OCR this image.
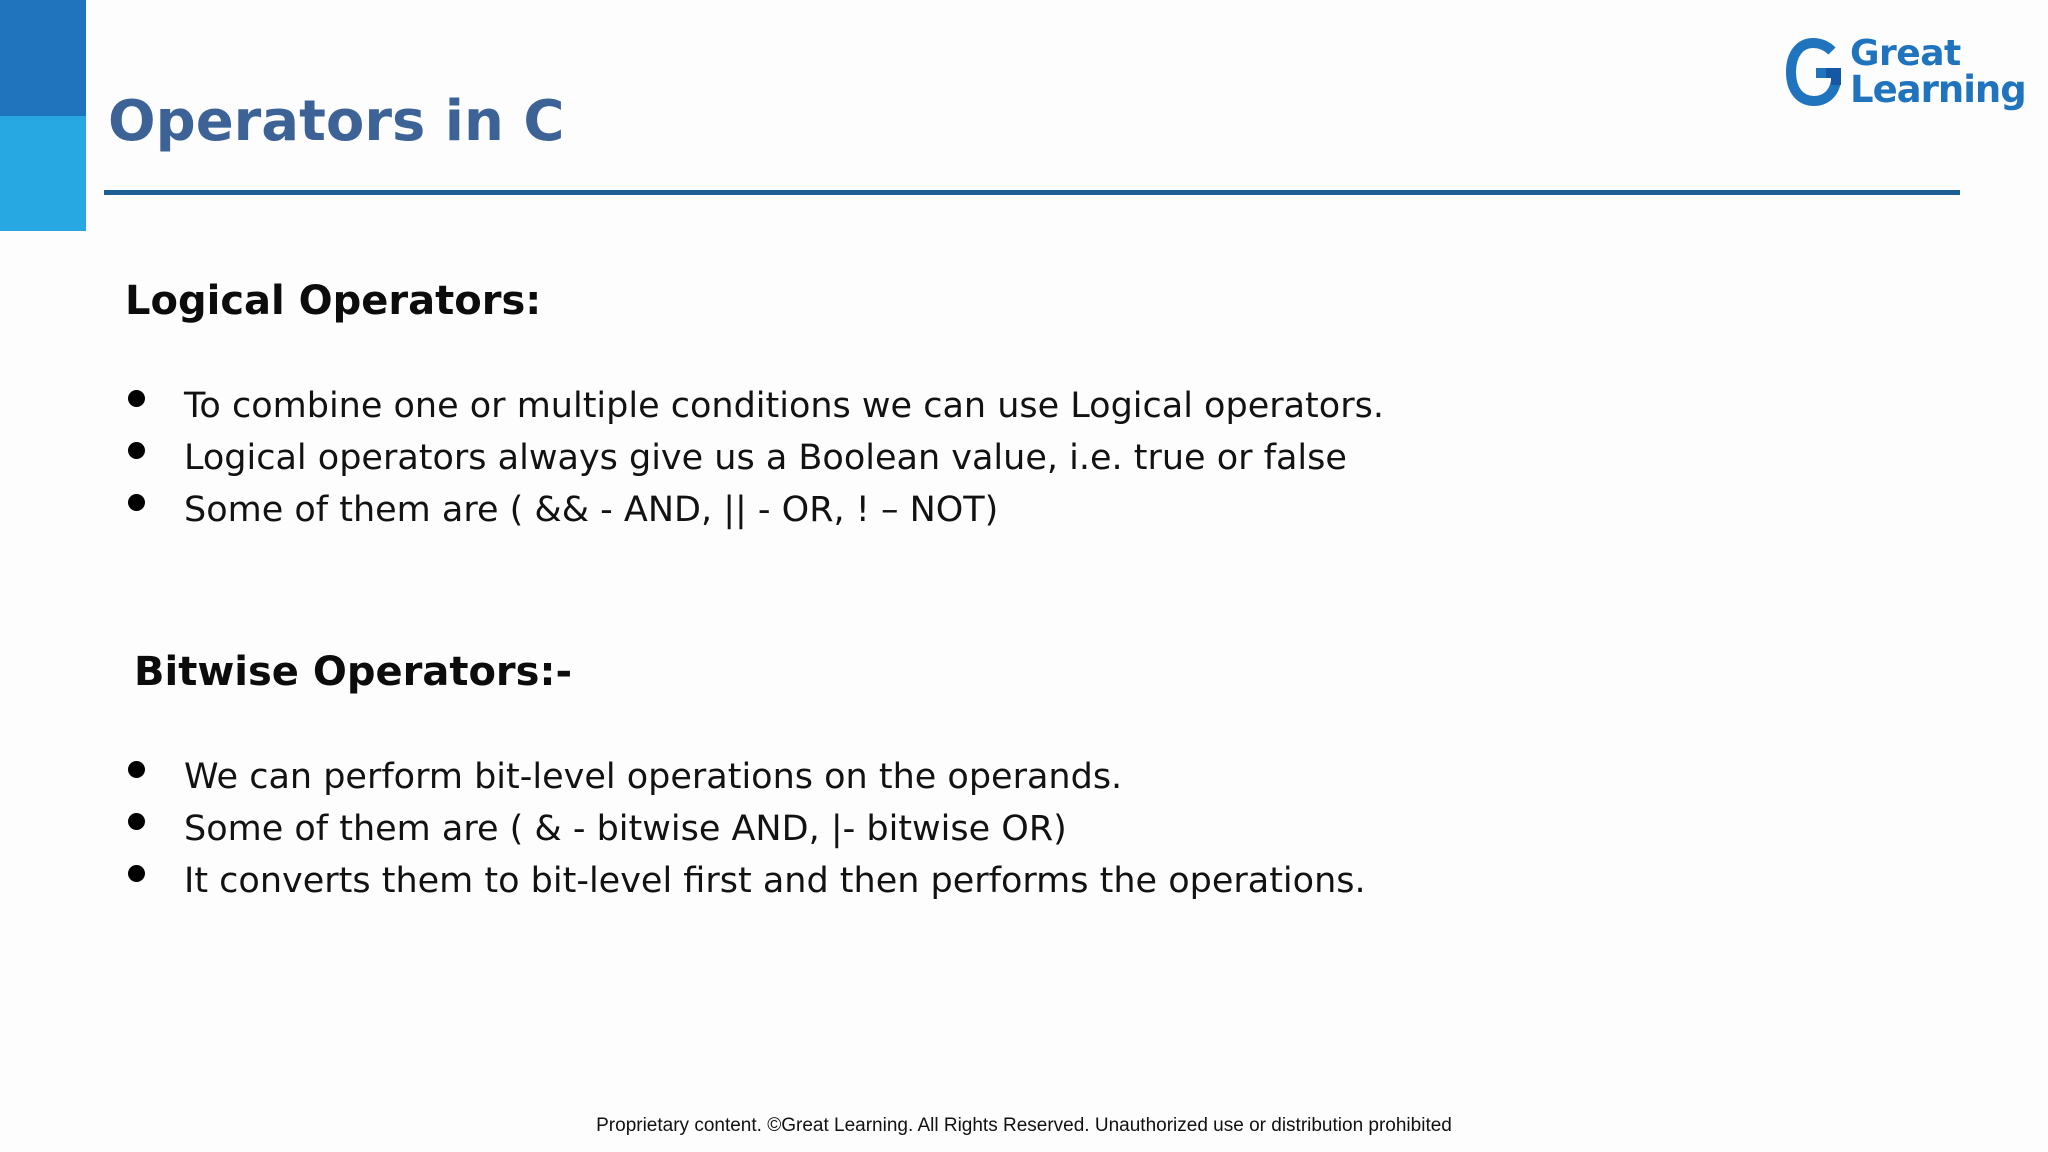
Operators in C
Great
Learning
Logical Operators:
To combine one or multiple conditions we can use Logical operators.
Logical operators always give us a Boolean value, i.e. true or false
Some of them are ( && - AND, || - OR, ! – NOT)
Bitwise Operators:-
We can perform bit-level operations on the operands.
Some of them are ( & - bitwise AND, |- bitwise OR)
It converts them to bit-level first and then performs the operations.
Proprietary content. ©Great Learning. All Rights Reserved. Unauthorized use or distribution prohibited
